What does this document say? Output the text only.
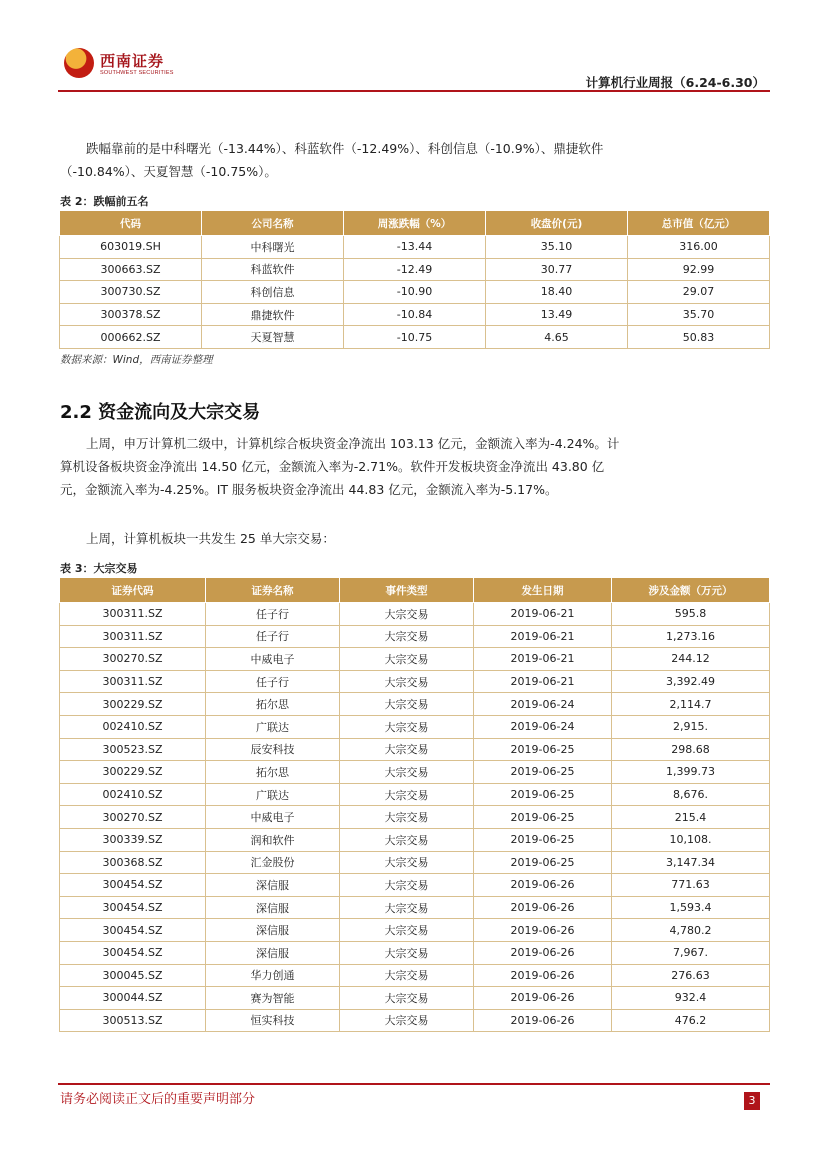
西南证券
SOUTHWEST SECURITIES
计算机行业周报（6.24-6.30）

跌幅靠前的是中科曙光（-13.44%）、科蓝软件（-12.49%）、科创信息（-10.9%）、鼎捷软件（-10.84%）、天夏智慧（-10.75%）。

表 2：跌幅前五名
代码	公司名称	周涨跌幅（%）	收盘价(元)	总市值（亿元）
603019.SH	中科曙光	-13.44	35.10	316.00
300663.SZ	科蓝软件	-12.49	30.77	92.99
300730.SZ	科创信息	-10.90	18.40	29.07
300378.SZ	鼎捷软件	-10.84	13.49	35.70
000662.SZ	天夏智慧	-10.75	4.65	50.83
数据来源：Wind，西南证券整理
2.2 资金流向及大宗交易

上周，申万计算机二级中，计算机综合板块资金净流出 103.13 亿元，金额流入率为-4.24%。计算机设备板块资金净流出 14.50 亿元，金额流入率为-2.71%。软件开发板块资金净流出 43.80 亿元，金额流入率为-4.25%。IT 服务板块资金净流出 44.83 亿元，金额流入率为-5.17%。

上周，计算机板块一共发生 25 单大宗交易：

表 3：大宗交易
证券代码	证券名称	事件类型	发生日期	涉及金额（万元）
300311.SZ	任子行	大宗交易	2019-06-21	595.8
300311.SZ	任子行	大宗交易	2019-06-21	1,273.16
300270.SZ	中威电子	大宗交易	2019-06-21	244.12
300311.SZ	任子行	大宗交易	2019-06-21	3,392.49
300229.SZ	拓尔思	大宗交易	2019-06-24	2,114.7
002410.SZ	广联达	大宗交易	2019-06-24	2,915.
300523.SZ	辰安科技	大宗交易	2019-06-25	298.68
300229.SZ	拓尔思	大宗交易	2019-06-25	1,399.73
002410.SZ	广联达	大宗交易	2019-06-25	8,676.
300270.SZ	中威电子	大宗交易	2019-06-25	215.4
300339.SZ	润和软件	大宗交易	2019-06-25	10,108.
300368.SZ	汇金股份	大宗交易	2019-06-25	3,147.34
300454.SZ	深信服	大宗交易	2019-06-26	771.63
300454.SZ	深信服	大宗交易	2019-06-26	1,593.4
300454.SZ	深信服	大宗交易	2019-06-26	4,780.2
300454.SZ	深信服	大宗交易	2019-06-26	7,967.
300045.SZ	华力创通	大宗交易	2019-06-26	276.63
300044.SZ	赛为智能	大宗交易	2019-06-26	932.4
300513.SZ	恒实科技	大宗交易	2019-06-26	476.2
请务必阅读正文后的重要声明部分	3
